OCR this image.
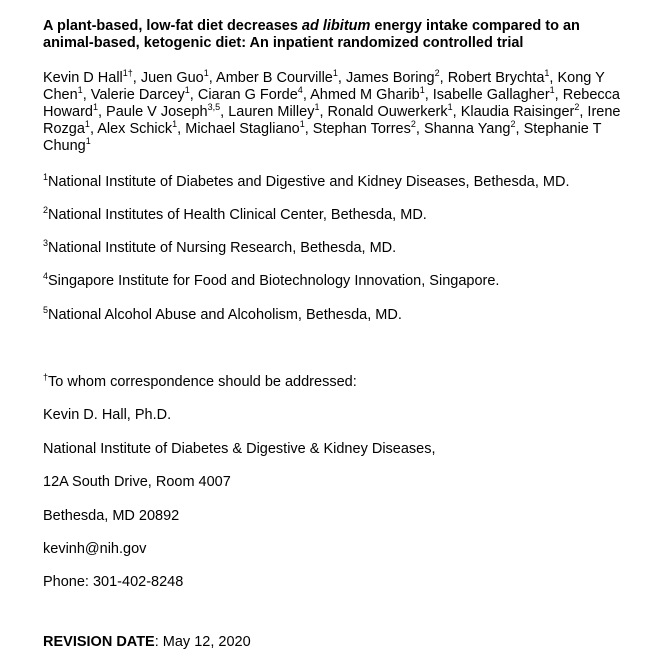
A plant-based, low-fat diet decreases ad libitum energy intake compared to an animal-based, ketogenic diet: An inpatient randomized controlled trial

Kevin D Hall$^{1\dagger}$, Juen Guo$^1$, Amber B Courville$^1$, James Boring$^2$, Robert Brychta$^1$, Kong Y Chen$^1$, Valerie Darcey$^1$, Ciaran G Forde$^4$, Ahmed M Gharib$^1$, Isabelle Gallagher$^1$, Rebecca Howard$^1$, Paule V Joseph$^{3,5}$, Lauren Milley$^1$, Ronald Ouwerkerk$^1$, Klaudia Raisinger$^2$, Irene Rozga$^1$, Alex Schick$^1$, Michael Stagliano$^1$, Stephan Torres$^2$, Shanna Yang$^2$, Stephanie T Chung$^1$

$^1$National Institute of Diabetes and Digestive and Kidney Diseases, Bethesda, MD.

$^2$National Institutes of Health Clinical Center, Bethesda, MD.

$^3$National Institute of Nursing Research, Bethesda, MD.

$^4$Singapore Institute for Food and Biotechnology Innovation, Singapore.

$^5$National Alcohol Abuse and Alcoholism, Bethesda, MD.

†To whom correspondence should be addressed:

Kevin D. Hall, Ph.D.

National Institute of Diabetes & Digestive & Kidney Diseases,

12A South Drive, Room 4007

Bethesda, MD 20892

kevinh@nih.gov

Phone: 301-402-8248

REVISION DATE: May 12, 2020
